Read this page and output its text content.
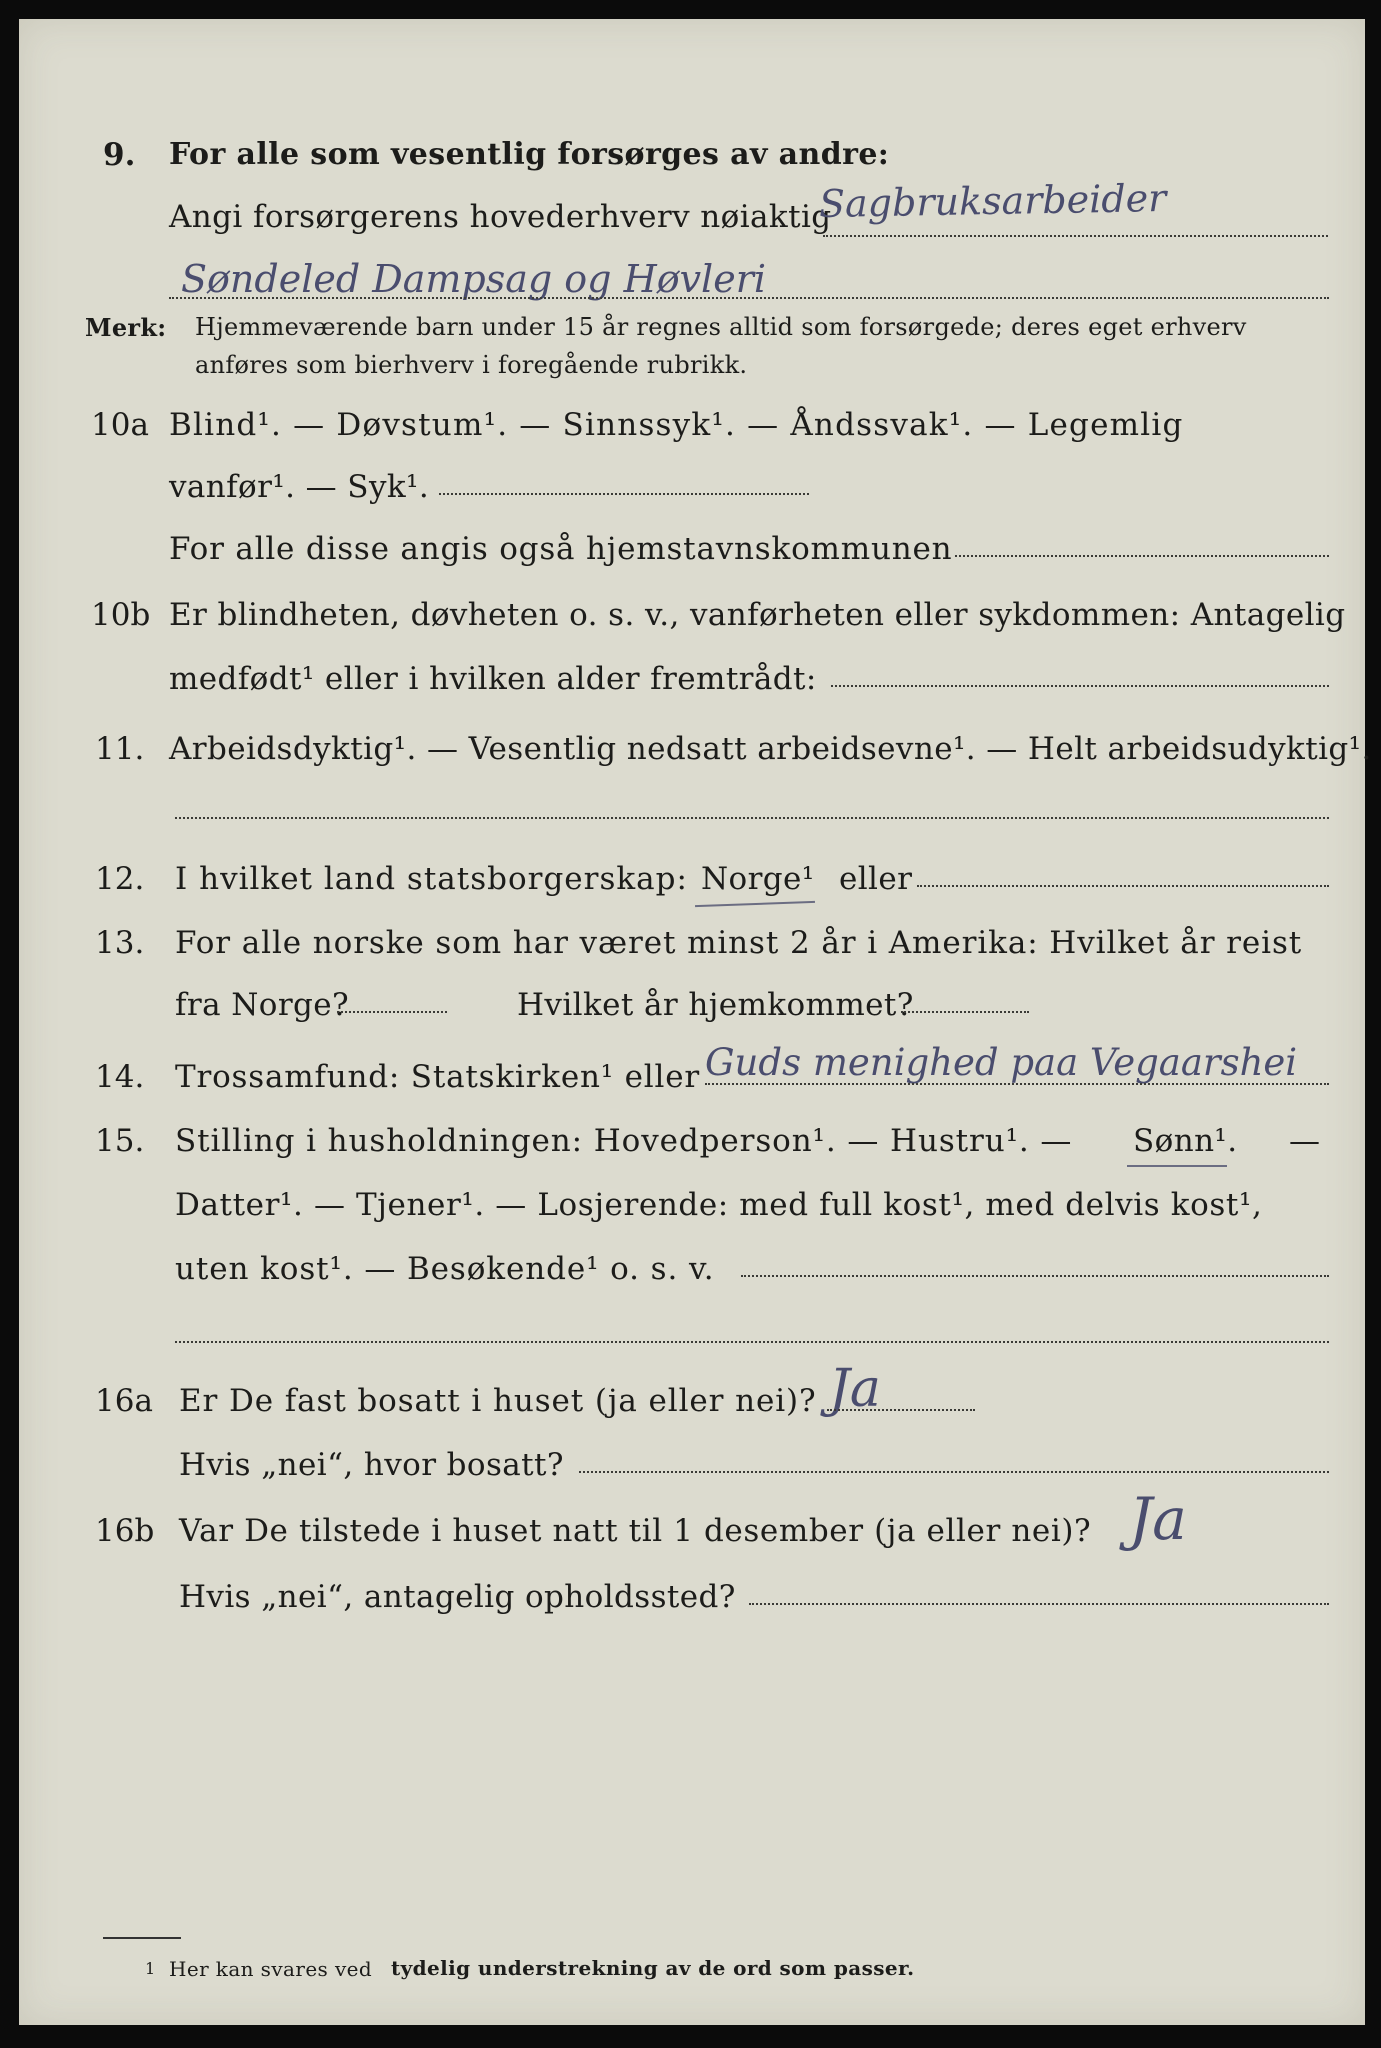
9. For alle som vesentlig forsørges av andre:
Angi forsørgerens hovederhverv nøiaktig
Sagbruksarbeider
Søndeled Dampsag og Høvleri
Merk: Hjemmeværende barn under 15 år regnes alltid som forsørgede; deres eget erhverv
anføres som bierhverv i foregående rubrikk.
10a Blind¹. — Døvstum¹. — Sinnssyk¹. — Åndssvak¹. — Legemlig
vanfør¹. — Syk¹.
For alle disse angis også hjemstavnskommunen
10b Er blindheten, døvheten o. s. v., vanførheten eller sykdommen: Antagelig
medfødt¹ eller i hvilken alder fremtrådt:
11. Arbeidsdyktig¹. — Vesentlig nedsatt arbeidsevne¹. — Helt arbeidsudyktig¹.
12. I hvilket land statsborgerskap: Norge¹ eller
13. For alle norske som har været minst 2 år i Amerika: Hvilket år reist
fra Norge?	Hvilket år hjemkommet?
14. Trossamfund: Statskirken¹ eller Guds menighed paa Vegaarshei
15. Stilling i husholdningen: Hovedperson¹. — Hustru¹. — Sønn¹. —
Datter¹. — Tjener¹. — Losjerende: med full kost¹, med delvis kost¹,
uten kost¹. — Besøkende¹ o. s. v.
16a Er De fast bosatt i huset (ja eller nei)? Ja
Hvis „nei“, hvor bosatt?
16b Var De tilstede i huset natt til 1 desember (ja eller nei)? Ja
Hvis „nei“, antagelig opholdssted?
1 Her kan svares ved tydelig understrekning av de ord som passer.
